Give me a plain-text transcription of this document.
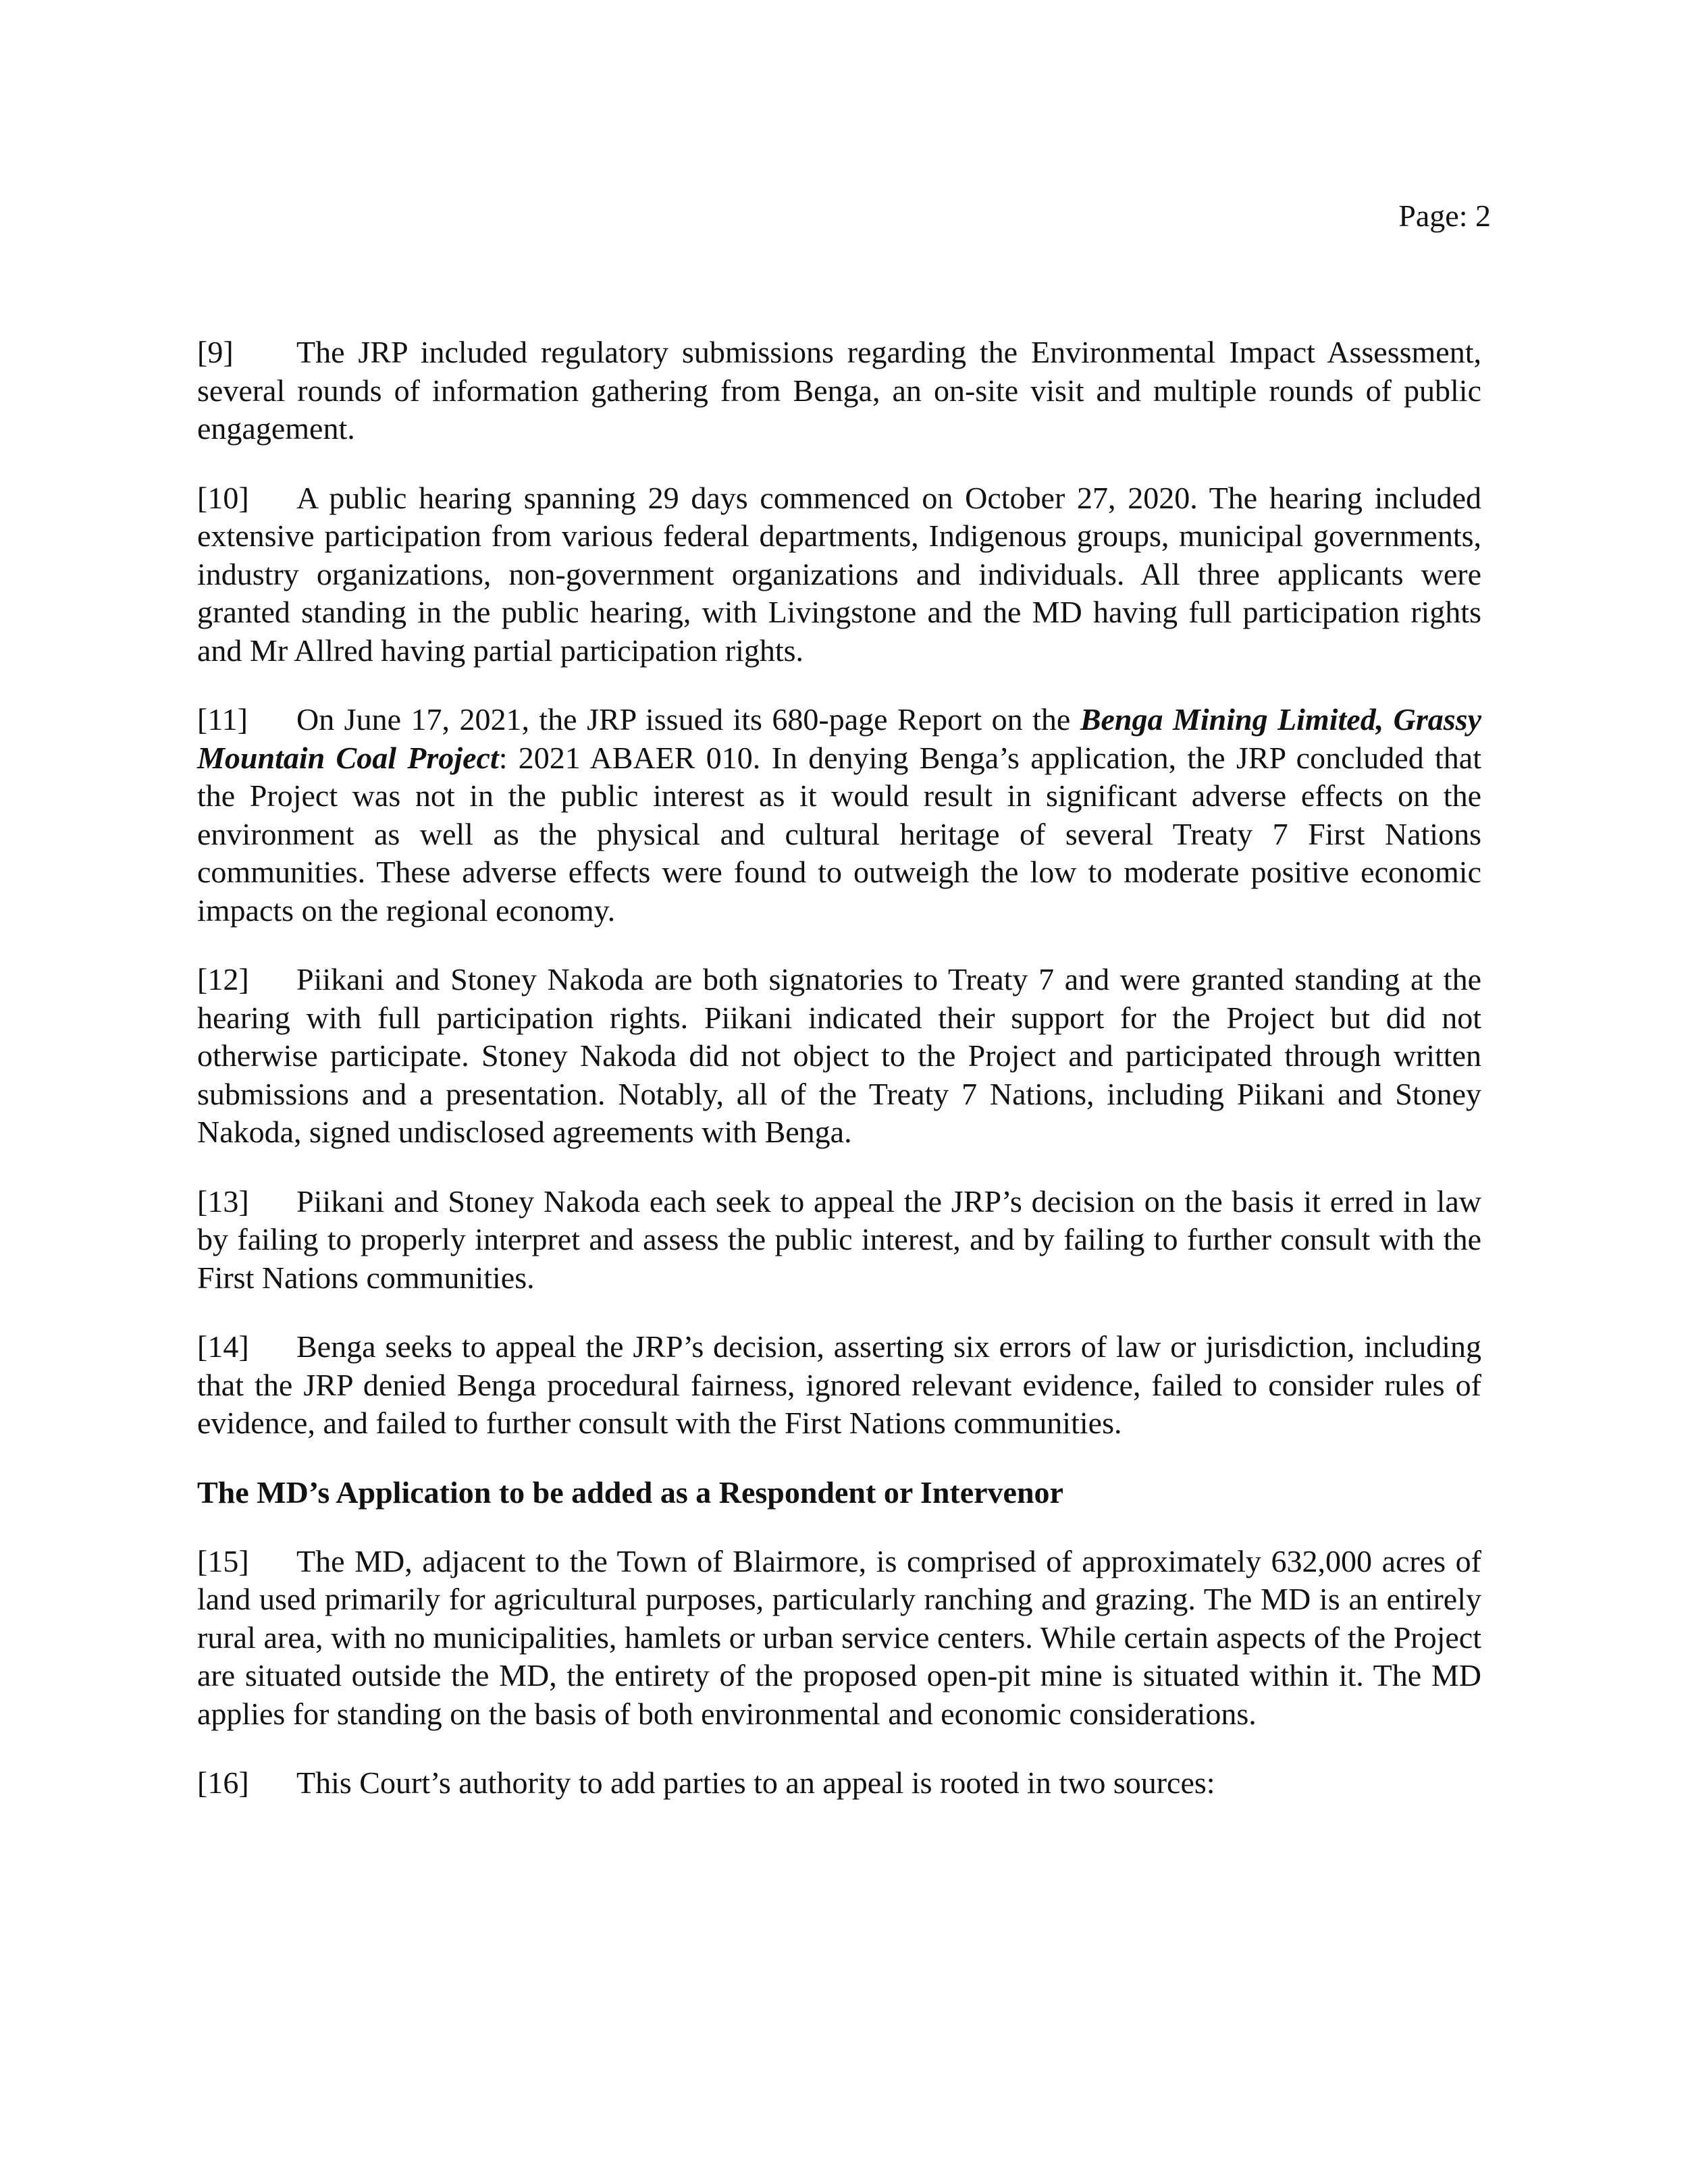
Page: 2

[9] The JRP included regulatory submissions regarding the Environmental Impact Assessment, several rounds of information gathering from Benga, an on-site visit and multiple rounds of public engagement.

[10] A public hearing spanning 29 days commenced on October 27, 2020. The hearing included extensive participation from various federal departments, Indigenous groups, municipal governments, industry organizations, non-government organizations and individuals. All three applicants were granted standing in the public hearing, with Livingstone and the MD having full participation rights and Mr Allred having partial participation rights.

[11] On June 17, 2021, the JRP issued its 680-page Report on the Benga Mining Limited, Grassy Mountain Coal Project: 2021 ABAER 010. In denying Benga’s application, the JRP concluded that the Project was not in the public interest as it would result in significant adverse effects on the environment as well as the physical and cultural heritage of several Treaty 7 First Nations communities. These adverse effects were found to outweigh the low to moderate positive economic impacts on the regional economy.

[12] Piikani and Stoney Nakoda are both signatories to Treaty 7 and were granted standing at the hearing with full participation rights. Piikani indicated their support for the Project but did not otherwise participate. Stoney Nakoda did not object to the Project and participated through written submissions and a presentation. Notably, all of the Treaty 7 Nations, including Piikani and Stoney Nakoda, signed undisclosed agreements with Benga.

[13] Piikani and Stoney Nakoda each seek to appeal the JRP’s decision on the basis it erred in law by failing to properly interpret and assess the public interest, and by failing to further consult with the First Nations communities.

[14] Benga seeks to appeal the JRP’s decision, asserting six errors of law or jurisdiction, including that the JRP denied Benga procedural fairness, ignored relevant evidence, failed to consider rules of evidence, and failed to further consult with the First Nations communities.

The MD’s Application to be added as a Respondent or Intervenor

[15] The MD, adjacent to the Town of Blairmore, is comprised of approximately 632,000 acres of land used primarily for agricultural purposes, particularly ranching and grazing. The MD is an entirely rural area, with no municipalities, hamlets or urban service centers. While certain aspects of the Project are situated outside the MD, the entirety of the proposed open-pit mine is situated within it. The MD applies for standing on the basis of both environmental and economic considerations.

[16] This Court’s authority to add parties to an appeal is rooted in two sources:
